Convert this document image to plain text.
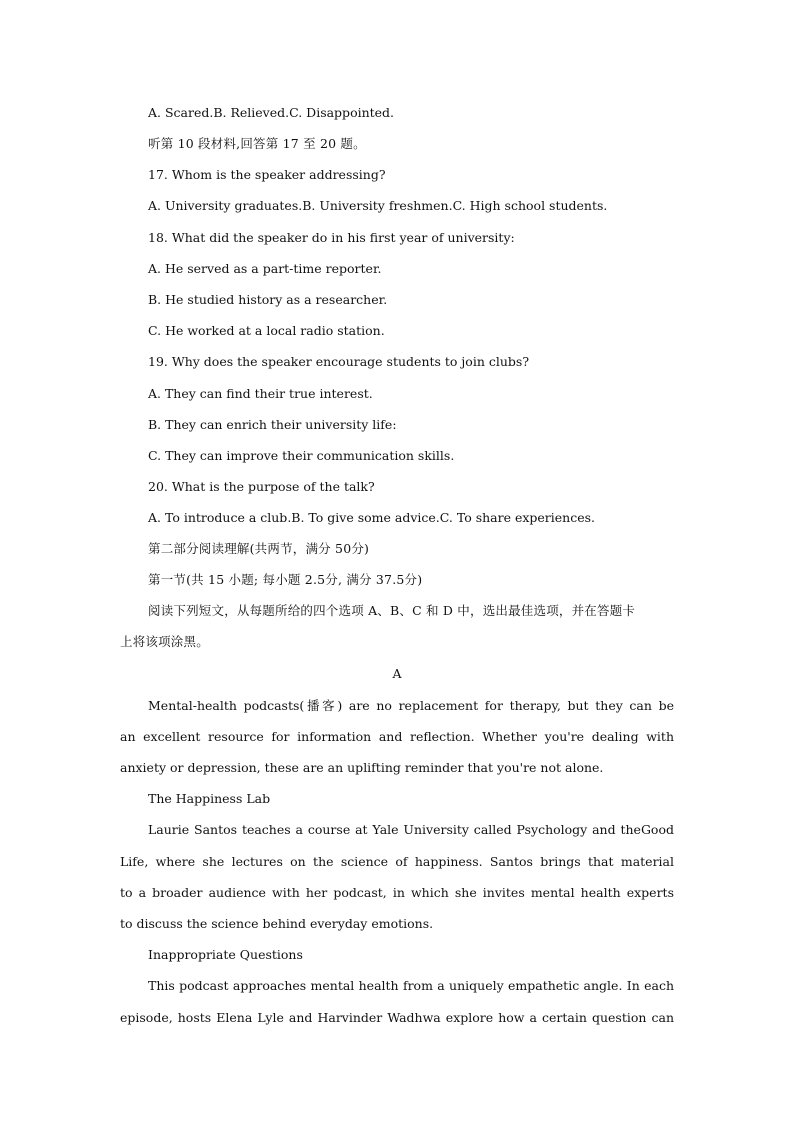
A. Scared.B. Relieved.C. Disappointed.
听第 10 段材料,回答第 17 至 20 题。
17. Whom is the speaker addressing?
A. University graduates.B. University freshmen.C. High school students.
18. What did the speaker do in his first year of university:
A. He served as a part-time reporter.
B. He studied history as a researcher.
C. He worked at a local radio station.
19. Why does the speaker encourage students to join clubs?
A. They can find their true interest.
B. They can enrich their university life:
C. They can improve their communication skills.
20. What is the purpose of the talk?
A. To introduce a club.B. To give some advice.C. To share experiences.
第二部分阅读理解(共两节，满分 50分)
第一节(共 15 小题; 每小题 2.5分, 满分 37.5分)
阅读下列短文，从每题所给的四个选项 A、B、C 和 D 中，选出最佳选项，并在答题卡
上将该项涂黑。
A
Mental-health podcasts(播客) are no replacement for therapy, but they can be
an excellent resource for information and reflection. Whether you're dealing with
anxiety or depression, these are an uplifting reminder that you're not alone.
The Happiness Lab
Laurie Santos teaches a course at Yale University called Psychology and theGood
Life, where she lectures on the science of happiness. Santos brings that material
to a broader audience with her podcast, in which she invites mental health experts
to discuss the science behind everyday emotions.
Inappropriate Questions
This podcast approaches mental health from a uniquely empathetic angle. In each
episode, hosts Elena Lyle and Harvinder Wadhwa explore how a certain question can
